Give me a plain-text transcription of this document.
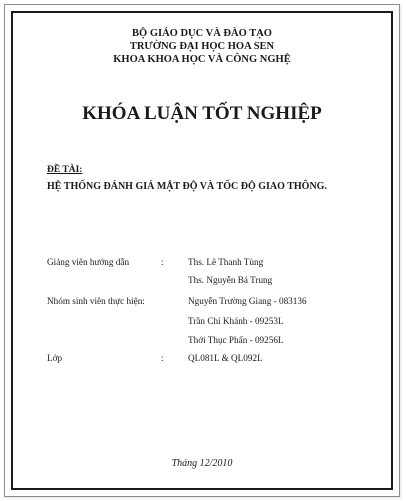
BỘ GIÁO DỤC VÀ ĐÀO TẠO
TRƯỜNG ĐẠI HỌC HOA SEN
KHOA KHOA HỌC VÀ CÔNG NGHỆ
KHÓA LUẬN TỐT NGHIỆP
ĐỀ TÀI:
HỆ THỐNG ĐÁNH GIÁ MẬT ĐỘ VÀ TỐC ĐỘ GIAO THÔNG.
Giảng viên hướng dẫn	:	Ths. Lê Thanh Tùng
Ths. Nguyễn Bá Trung
Nhóm sinh viên thực hiện:	Nguyễn Trường Giang - 083136
Trần Chí Khánh - 09253L
Thới Thục Phấn - 09256L
Lớp	:	QL081L & QL092L
Tháng 12/2010
